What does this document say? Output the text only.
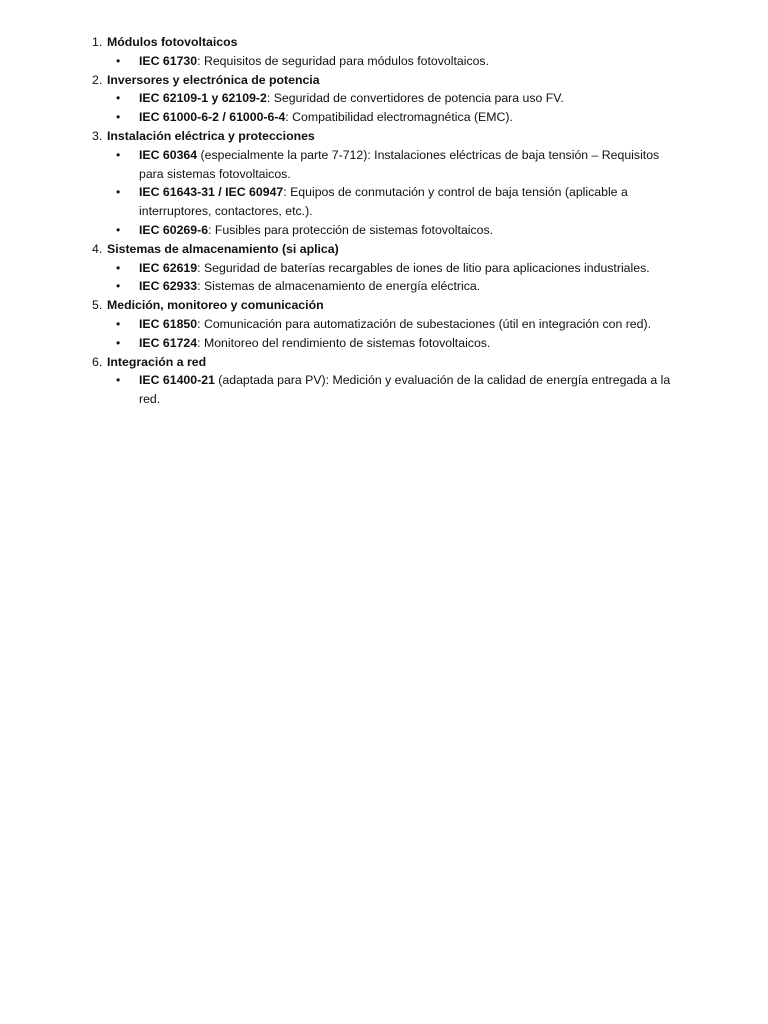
1. Módulos fotovoltaicos
•	IEC 61730: Requisitos de seguridad para módulos fotovoltaicos.
2. Inversores y electrónica de potencia
•	IEC 62109-1 y 62109-2: Seguridad de convertidores de potencia para uso FV.
•	IEC 61000-6-2 / 61000-6-4: Compatibilidad electromagnética (EMC).
3. Instalación eléctrica y protecciones
•	IEC 60364 (especialmente la parte 7-712): Instalaciones eléctricas de baja tensión – Requisitos para sistemas fotovoltaicos.
•	IEC 61643-31 / IEC 60947: Equipos de conmutación y control de baja tensión (aplicable a interruptores, contactores, etc.).
•	IEC 60269-6: Fusibles para protección de sistemas fotovoltaicos.
4. Sistemas de almacenamiento (si aplica)
•	IEC 62619: Seguridad de baterías recargables de iones de litio para aplicaciones industriales.
•	IEC 62933: Sistemas de almacenamiento de energía eléctrica.
5. Medición, monitoreo y comunicación
•	IEC 61850: Comunicación para automatización de subestaciones (útil en integración con red).
•	IEC 61724: Monitoreo del rendimiento de sistemas fotovoltaicos.
6. Integración a red
•	IEC 61400-21 (adaptada para PV): Medición y evaluación de la calidad de energía entregada a la red.
